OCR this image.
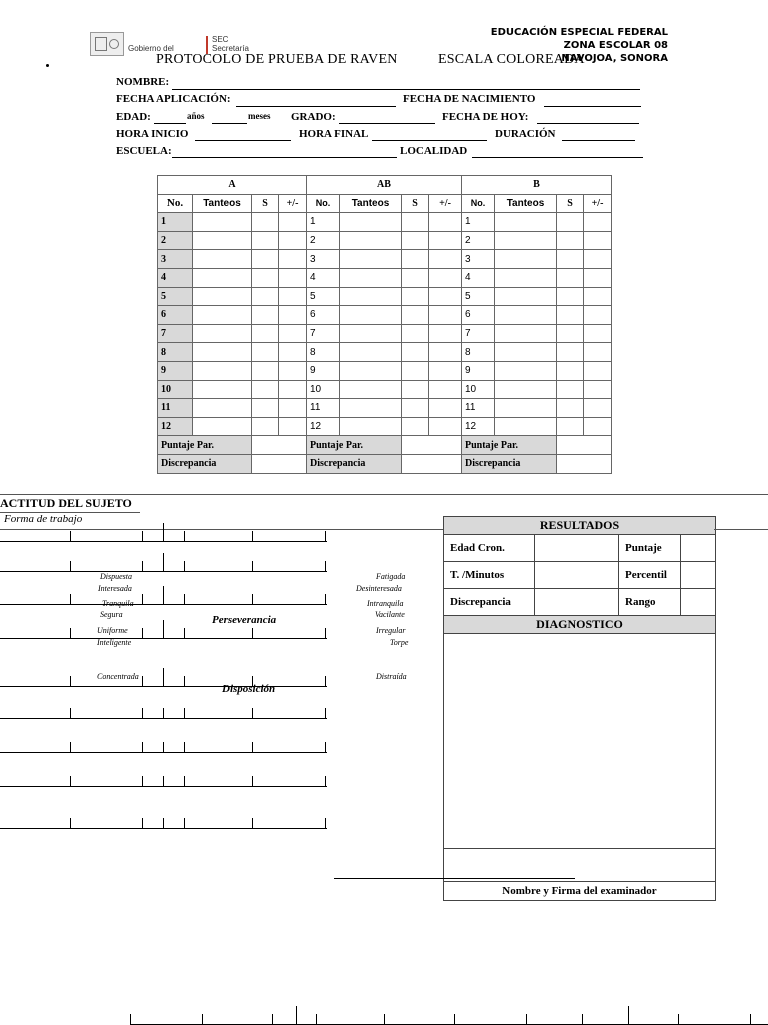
Gobierno del
SEC
Secretaría
EDUCACIÓN ESPECIAL FEDERAL
ZONA ESCOLAR 08
NAVOJOA, SONORA
PROTOCOLO DE PRUEBA DE RAVEN	ESCALA COLOREADA
NOMBRE:
FECHA APLICACIÓN:	FECHA DE NACIMIENTO
EDAD:	años	meses GRADO:	FECHA DE HOY:
HORA INICIO	HORA FINAL	DURACIÓN
ESCUELA:	LOCALIDAD
A				AB				B			
No.	Tanteos	S	+/-	No.	Tanteos	S	+/-	No.	Tanteos	S	+/-
1				1				1			
2				2				2			
3				3				3			
4				4				4			
5				5				5			
6				6				6			
7				7				7			
8				8				8			
9				9				9			
10				10				10			
11				11				11			
12				12				12			
Puntaje Par.				Puntaje Par.				Puntaje Par.			
Discrepancia				Discrepancia				Discrepancia			
ACTITUD DEL SUJETO
Forma de trabajo
Dispuesta
Interesada
Tranquila
Segura	Perseverancia
Uniforme
Inteligente
Concentrada
Disposición
Fatigada
Desinteresada
Intranquila
Vacilante
Irregular
Torpe
Distraída
RESULTADOS
Edad Cron.	Puntaje
T. /Minutos	Percentil
Discrepancia	Rango
DIAGNOSTICO
Nombre y Firma del examinador
